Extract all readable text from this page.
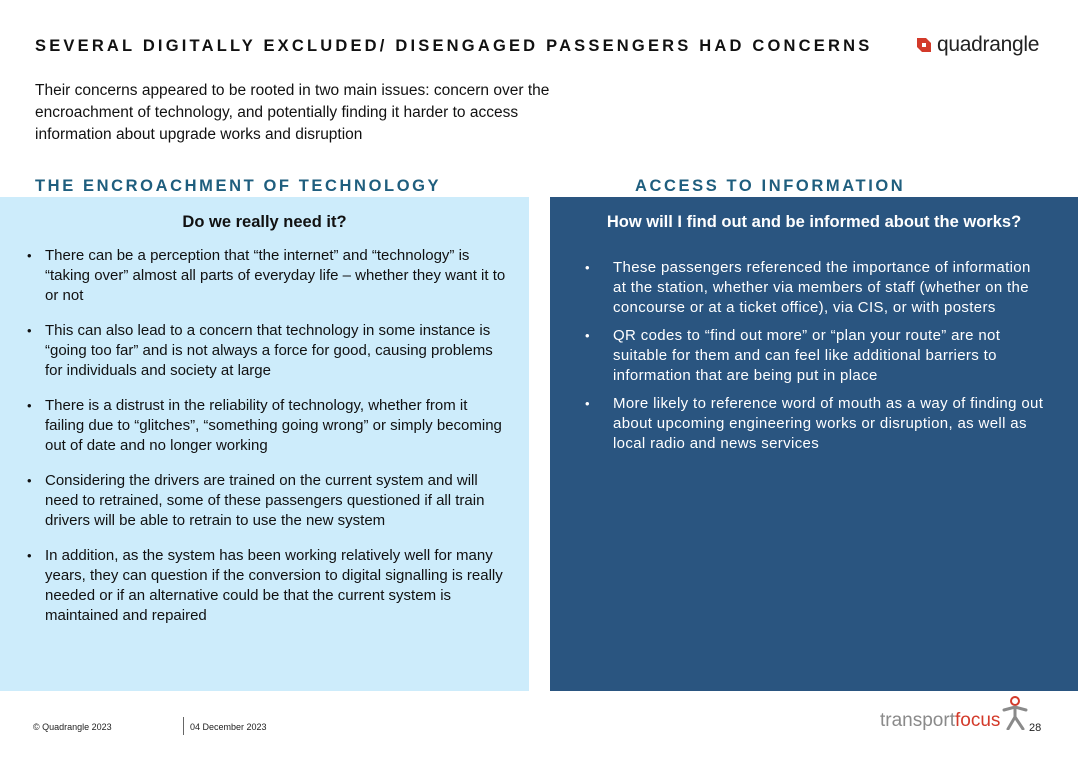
SEVERAL DIGITALLY EXCLUDED/ DISENGAGED PASSENGERS HAD CONCERNS	quadrangle

Their concerns appeared to be rooted in two main issues: concern over the encroachment of technology, and potentially finding it harder to access information about upgrade works and disruption

THE ENCROACHMENT OF TECHNOLOGY	ACCESS TO INFORMATION

Do we really need it?

• There can be a perception that “the internet” and “technology” is “taking over” almost all parts of everyday life – whether they want it to or not
• This can also lead to a concern that technology in some instance is “going too far” and is not always a force for good, causing problems for individuals and society at large
• There is a distrust in the reliability of technology, whether from it failing due to “glitches”, “something going wrong” or simply becoming out of date and no longer working
• Considering the drivers are trained on the current system and will need to retrained, some of these passengers questioned if all train drivers will be able to retrain to use the new system
• In addition, as the system has been working relatively well for many years, they can question if the conversion to digital signalling is really needed or if an alternative could be that the current system is maintained and repaired

How will I find out and be informed about the works?

• These passengers referenced the importance of information at the station, whether via members of staff (whether on the concourse or at a ticket office), via CIS, or with posters
• QR codes to “find out more” or “plan your route” are not suitable for them and can feel like additional barriers to information that are being put in place
• More likely to reference word of mouth as a way of finding out about upcoming engineering works or disruption, as well as local radio and news services
© Quadrangle 2023	04 December 2023	transport focus	28
